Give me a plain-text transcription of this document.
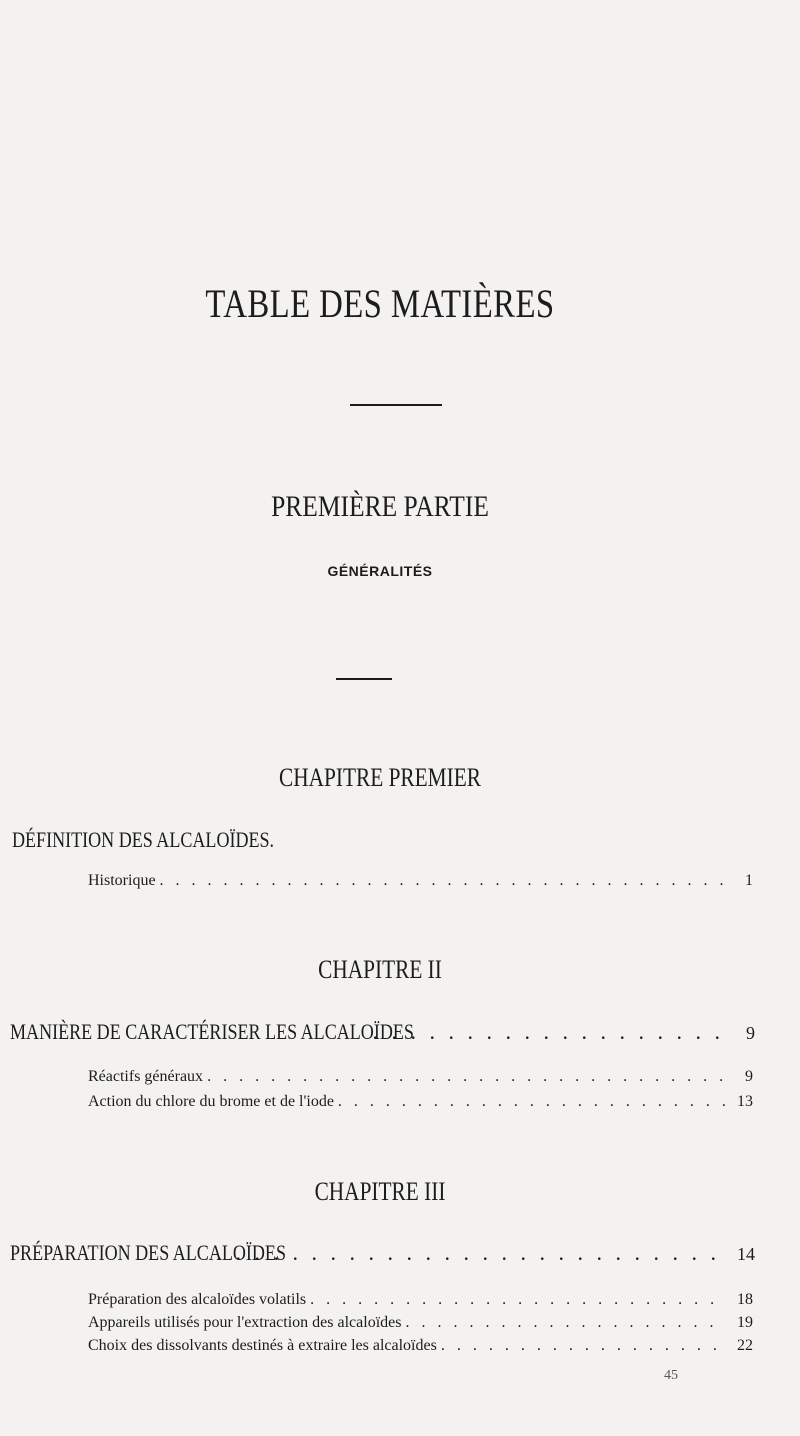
TABLE DES MATIÈRES
PREMIÈRE PARTIE
GÉNÉRALITÉS
CHAPITRE PREMIER
DÉFINITION DES ALCALOÏDES.
Historique . . .	1
CHAPITRE II
MANIÈRE DE CARACTÉRISER LES ALCALOÏDES . . .	9
Réactifs généraux . . .	9
Action du chlore du brome et de l'iode . . .	13
CHAPITRE III
PRÉPARATION DES ALCALOÏDES . . .	14
Préparation des alcaloïdes volatils . . .	18
Appareils utilisés pour l'extraction des alcaloïdes . . .	19
Choix des dissolvants destinés à extraire les alcaloïdes . . .	22
45
